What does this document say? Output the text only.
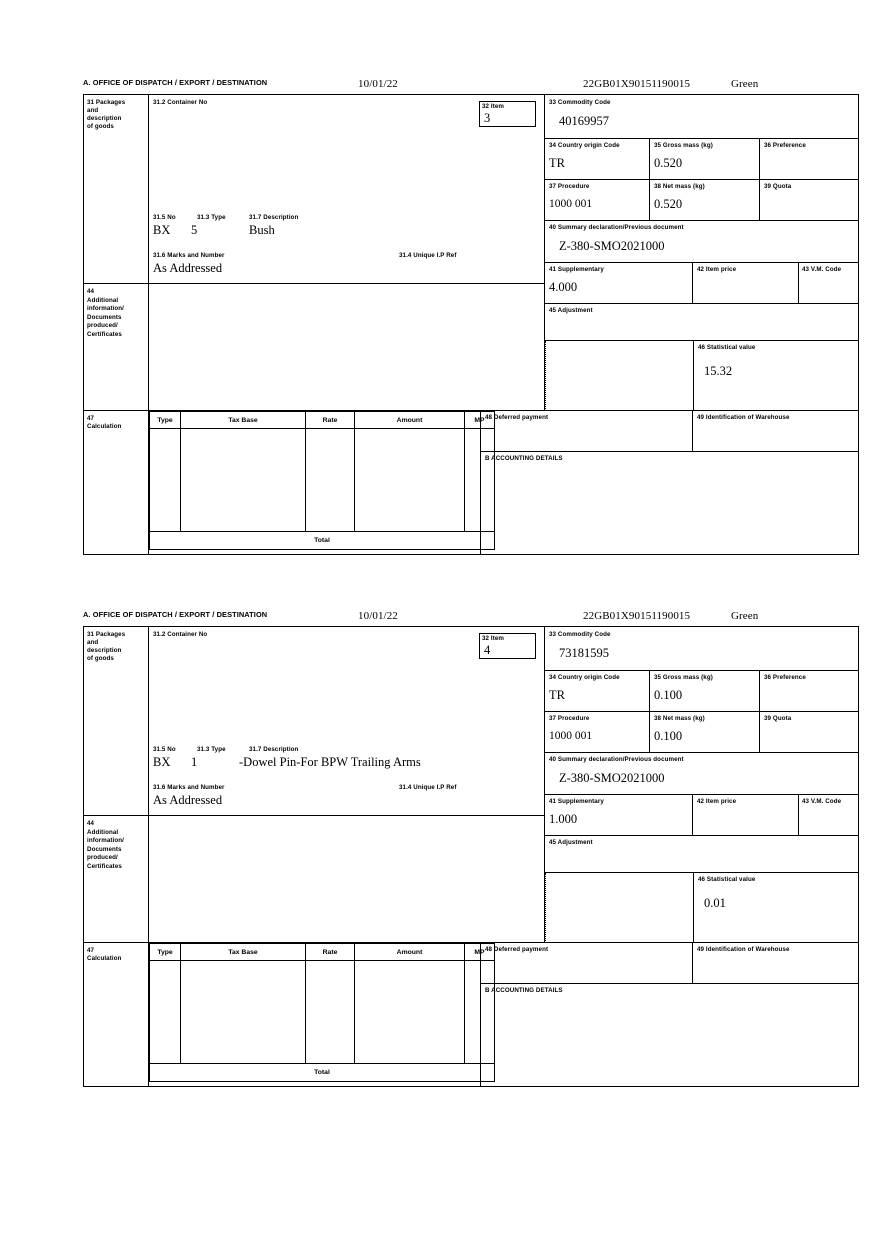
A. OFFICE OF DISPATCH / EXPORT / DESTINATION	10/01/22	22GB01X90151190015	Green
31 Packages
and
description
of goods
31.2 Container No
31.5 No	31.3 Type	31.7 Description
BX 5	Bush
31.6 Marks and Number	31.4 Unique I.P Ref
As Addressed
32 Item
3
33 Commodity Code
40169957
34 Country origin Code
TR
35 Gross mass (kg)
0.520
36 Preference
37 Procedure
1000 001
38 Net mass (kg)
0.520
39 Quota
40 Summary declaration/Previous document
Z-380-SMO2021000
41 Supplementary
4.000
42 Item price	43 V.M. Code
44
Additional
information/
Documents
produced/
Certificates
45 Adjustment
46 Statistical value
15.32
47
Calculation
Type	Tax Base	Rate	Amount	MP

Total				
48 Deferred payment	49 Identification of Warehouse
B ACCOUNTING DETAILS
A. OFFICE OF DISPATCH / EXPORT / DESTINATION	10/01/22	22GB01X90151190015	Green
31 Packages
and
description
of goods
31.2 Container No
31.5 No	31.3 Type	31.7 Description
BX 1	-Dowel Pin-For BPW Trailing Arms
31.6 Marks and Number	31.4 Unique I.P Ref
As Addressed
32 Item
4
33 Commodity Code
73181595
34 Country origin Code
TR
35 Gross mass (kg)
0.100
36 Preference
37 Procedure
1000 001
38 Net mass (kg)
0.100
39 Quota
40 Summary declaration/Previous document
Z-380-SMO2021000
41 Supplementary
1.000
42 Item price	43 V.M. Code
44
Additional
information/
Documents
produced/
Certificates
45 Adjustment
46 Statistical value
0.01
47
Calculation
Type	Tax Base	Rate	Amount	MP

Total				
48 Deferred payment	49 Identification of Warehouse
B ACCOUNTING DETAILS
